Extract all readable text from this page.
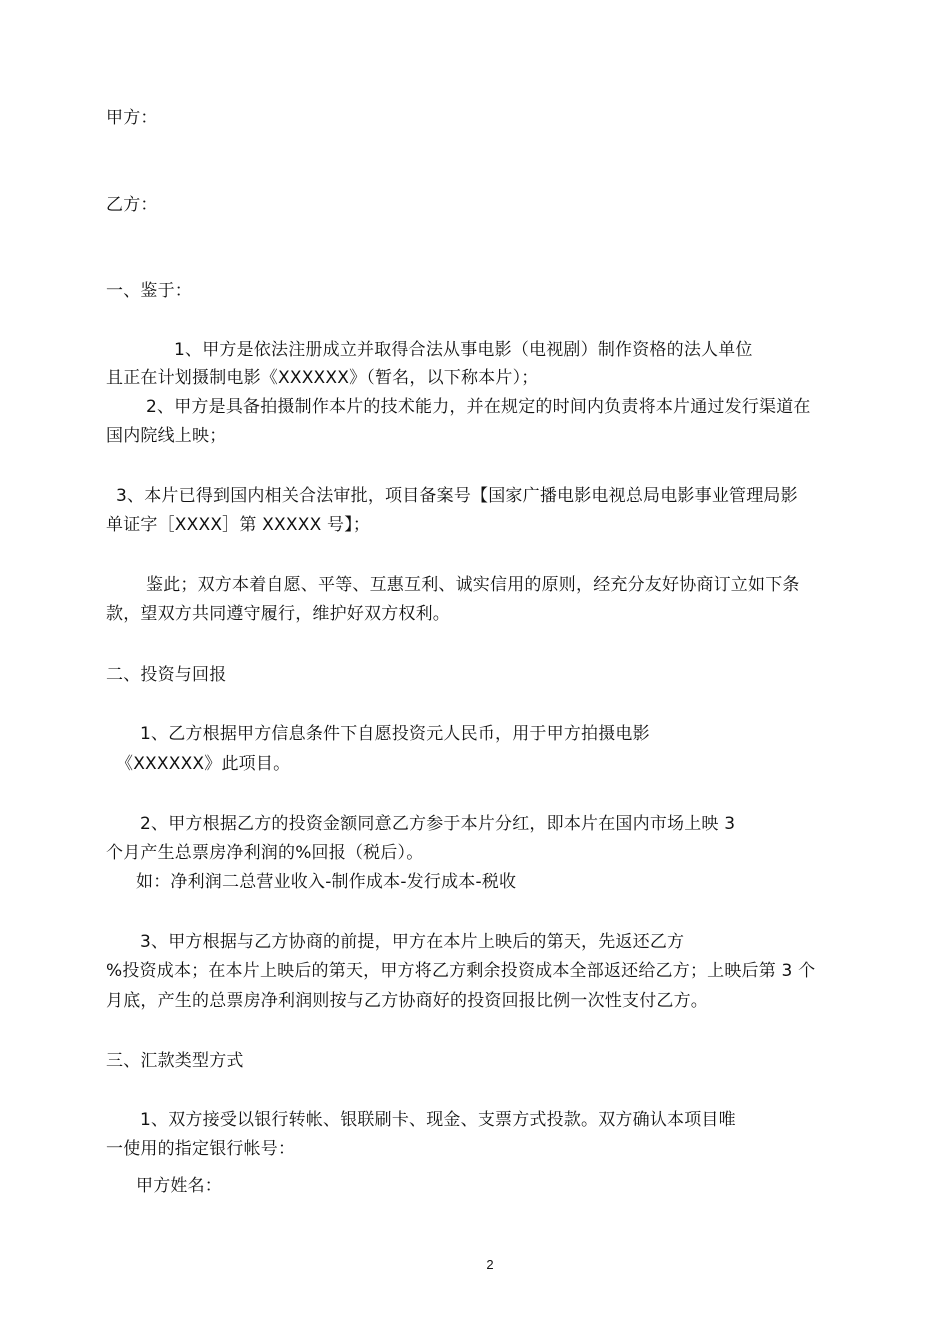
甲方：
乙方：
一、鉴于：
1、甲方是依法注册成立并取得合法从事电影（电视剧）制作资格的法人单位
且正在计划摄制电影《XXXXXX》（暂名，以下称本片）；
2、甲方是具备拍摄制作本片的技术能力，并在规定的时间内负责将本片通过发行渠道在
国内院线上映；
3、本片已得到国内相关合法审批，项目备案号【国家广播电影电视总局电影事业管理局影
单证字［XXXX］第 XXXXX 号】；
鉴此；双方本着自愿、平等、互惠互利、诚实信用的原则，经充分友好协商订立如下条
款，望双方共同遵守履行，维护好双方权利。
二、投资与回报
1、乙方根据甲方信息条件下自愿投资元人民币，用于甲方拍摄电影
《XXXXXX》此项目。
2、甲方根据乙方的投资金额同意乙方参于本片分红，即本片在国内市场上映 3
个月产生总票房净利润的%回报（税后）。
如：净利润二总营业收入-制作成本-发行成本-税收
3、甲方根据与乙方协商的前提，甲方在本片上映后的第天，先返还乙方
%投资成本；在本片上映后的第天，甲方将乙方剩余投资成本全部返还给乙方；上映后第 3 个
月底，产生的总票房净利润则按与乙方协商好的投资回报比例一次性支付乙方。
三、汇款类型方式
1、双方接受以银行转帐、银联刷卡、现金、支票方式投款。双方确认本项目唯
一使用的指定银行帐号：
甲方姓名：
2
